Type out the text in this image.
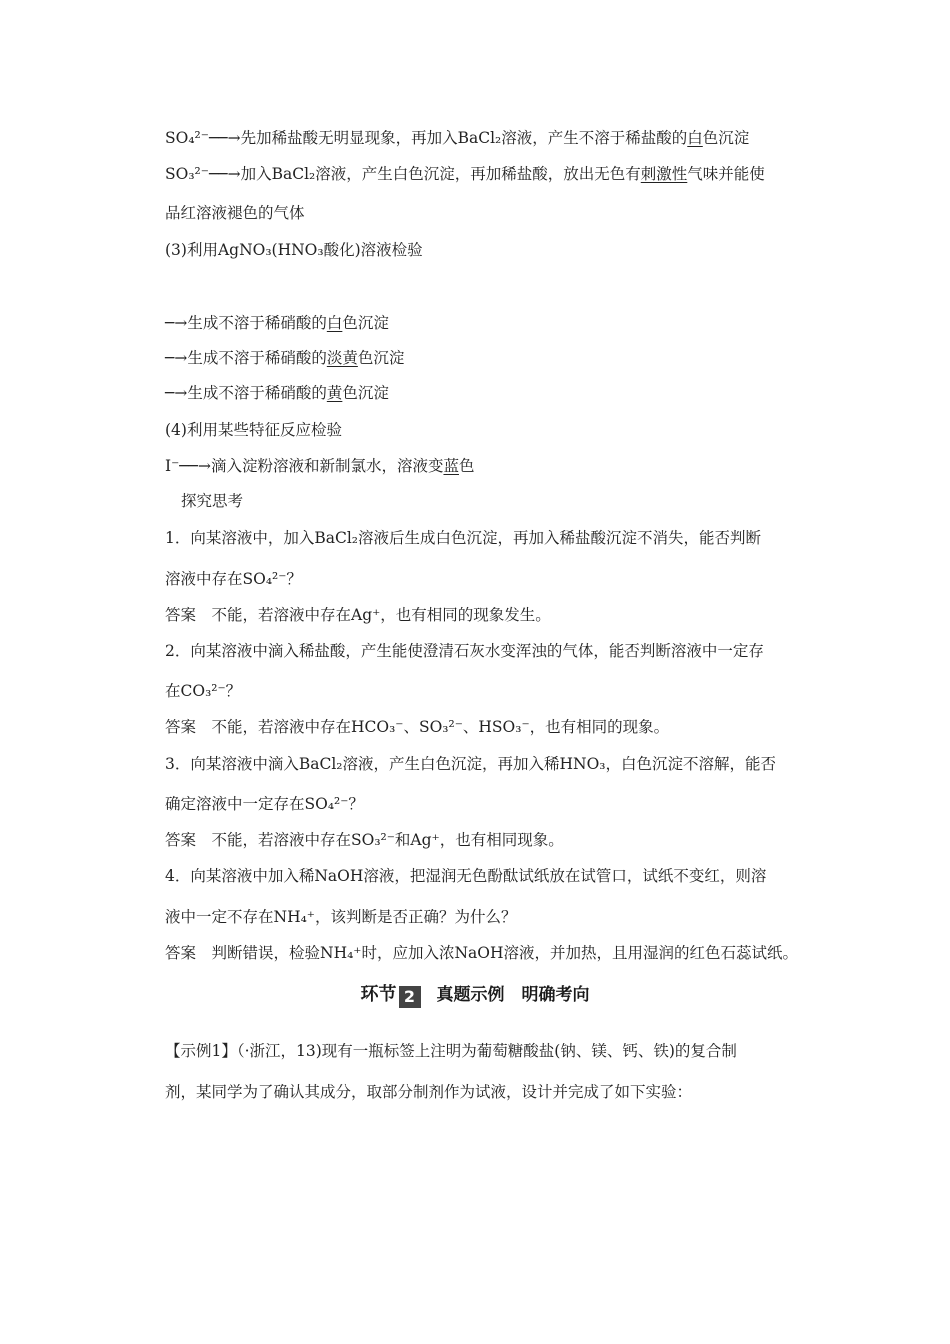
SO₄²⁻──→先加稀盐酸无明显现象，再加入BaCl₂溶液，产生不溶于稀盐酸的白色沉淀
SO₃²⁻──→加入BaCl₂溶液，产生白色沉淀，再加稀盐酸，放出无色有刺激性气味并能使
品红溶液褪色的气体
(3)利用AgNO₃(HNO₃酸化)溶液检验
─→生成不溶于稀硝酸的白色沉淀
─→生成不溶于稀硝酸的淡黄色沉淀
─→生成不溶于稀硝酸的黄色沉淀
(4)利用某些特征反应检验
I⁻──→滴入淀粉溶液和新制氯水，溶液变蓝色
探究思考
1．向某溶液中，加入BaCl₂溶液后生成白色沉淀，再加入稀盐酸沉淀不消失，能否判断
溶液中存在SO₄²⁻？
答案　不能，若溶液中存在Ag⁺，也有相同的现象发生。
2．向某溶液中滴入稀盐酸，产生能使澄清石灰水变浑浊的气体，能否判断溶液中一定存
在CO₃²⁻？
答案　不能，若溶液中存在HCO₃⁻、SO₃²⁻、HSO₃⁻，也有相同的现象。
3．向某溶液中滴入BaCl₂溶液，产生白色沉淀，再加入稀HNO₃，白色沉淀不溶解，能否
确定溶液中一定存在SO₄²⁻？
答案　不能，若溶液中存在SO₃²⁻和Ag⁺，也有相同现象。
4．向某溶液中加入稀NaOH溶液，把湿润无色酚酞试纸放在试管口，试纸不变红，则溶
液中一定不存在NH₄⁺，该判断是否正确？为什么？
答案　判断错误，检验NH₄⁺时，应加入浓NaOH溶液，并加热，且用湿润的红色石蕊试纸。
环节 2 真题示例　明确考向
【示例1】（·浙江，13)现有一瓶标签上注明为葡萄糖酸盐(钠、镁、钙、铁)的复合制
剂，某同学为了确认其成分，取部分制剂作为试液，设计并完成了如下实验：
